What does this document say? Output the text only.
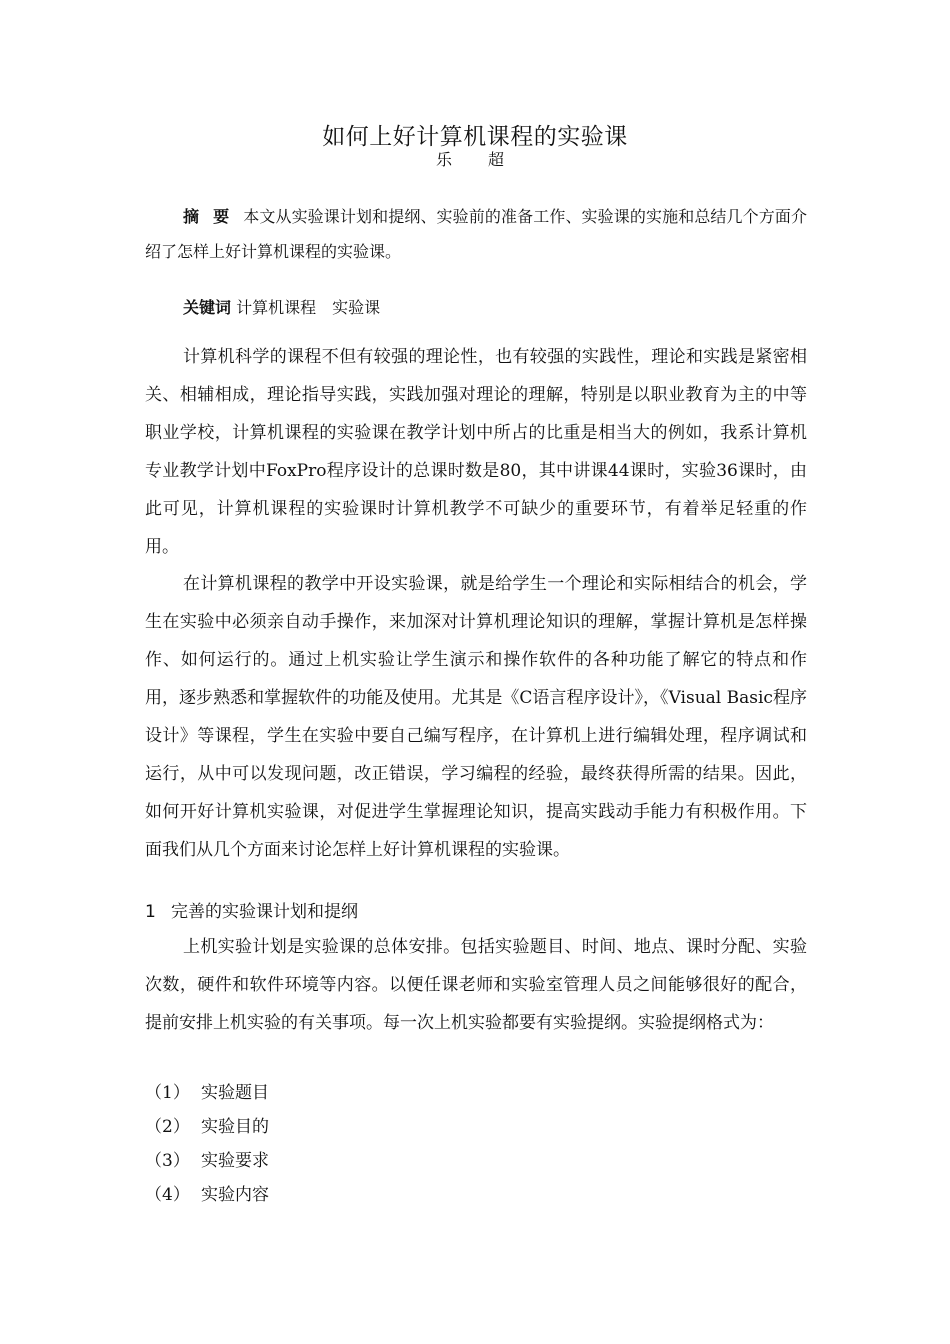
如何上好计算机课程的实验课
乐　超
摘要本文从实验课计划和提纲、实验前的准备工作、实验课的实施和总结几个方面介绍了怎样上好计算机课程的实验课。
关键词 计算机课程　实验课

计算机科学的课程不但有较强的理论性，也有较强的实践性，理论和实践是紧密相关、相辅相成，理论指导实践，实践加强对理论的理解，特别是以职业教育为主的中等职业学校，计算机课程的实验课在教学计划中所占的比重是相当大的例如，我系计算机专业教学计划中FoxPro程序设计的总课时数是80，其中讲课44课时，实验36课时，由此可见，计算机课程的实验课时计算机教学不可缺少的重要环节，有着举足轻重的作用。

在计算机课程的教学中开设实验课，就是给学生一个理论和实际相结合的机会，学生在实验中必须亲自动手操作，来加深对计算机理论知识的理解，掌握计算机是怎样操作、如何运行的。通过上机实验让学生演示和操作软件的各种功能了解它的特点和作用，逐步熟悉和掌握软件的功能及使用。尤其是《C语言程序设计》，《Visual Basic程序设计》等课程，学生在实验中要自己编写程序，在计算机上进行编辑处理，程序调试和运行，从中可以发现问题，改正错误，学习编程的经验，最终获得所需的结果。因此，如何开好计算机实验课，对促进学生掌握理论知识，提高实践动手能力有积极作用。下面我们从几个方面来讨论怎样上好计算机课程的实验课。

1 完善的实验课计划和提纲

上机实验计划是实验课的总体安排。包括实验题目、时间、地点、课时分配、实验次数，硬件和软件环境等内容。以便任课老师和实验室管理人员之间能够很好的配合，提前安排上机实验的有关事项。每一次上机实验都要有实验提纲。实验提纲格式为：

（1） 实验题目
（2） 实验目的
（3） 实验要求
（4） 实验内容
